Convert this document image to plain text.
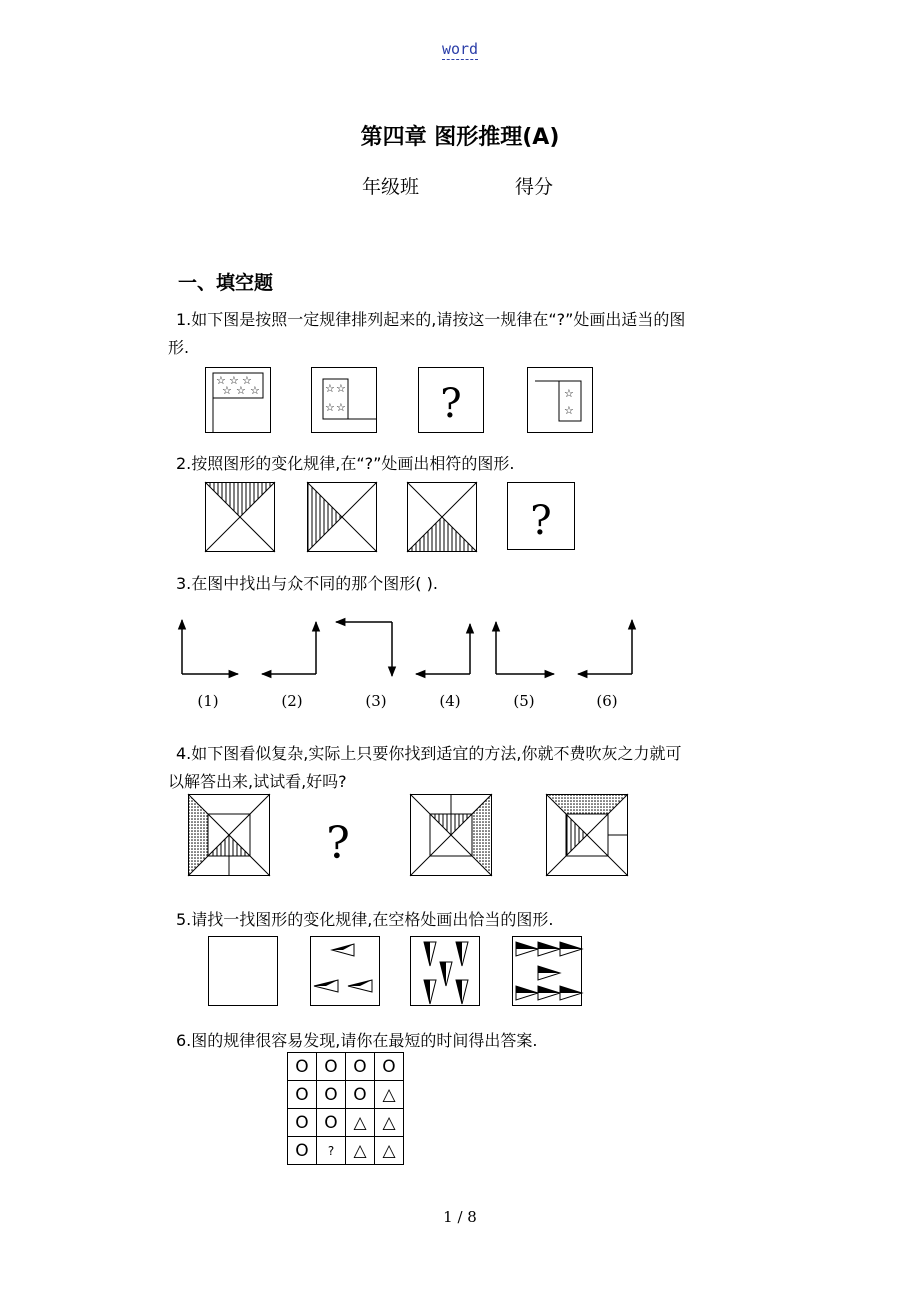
word
第四章 图形推理(A)
年级班	得分
一、填空题
1.如下图是按照一定规律排列起来的,请按这一规律在“?”处画出适当的图
形.
☆ ☆ ☆
☆ ☆ ☆	☆ ☆
☆ ☆ ?	☆
☆
2.按照图形的变化规律,在“?”处画出相符的图形.
?
3.在图中找出与众不同的那个图形( ).
(1)	(2)	(3)	(4)	(5)	(6)
4.如下图看似复杂,实际上只要你找到适宜的方法,你就不费吹灰之力就可
以解答出来,试试看,好吗?
?
5.请找一找图形的变化规律,在空格处画出恰当的图形.
6.图的规律很容易发现,请你在最短的时间得出答案.
O	O	O	O
O	O	O	△
O	O	△	△
O	?	△	△
1 / 8
